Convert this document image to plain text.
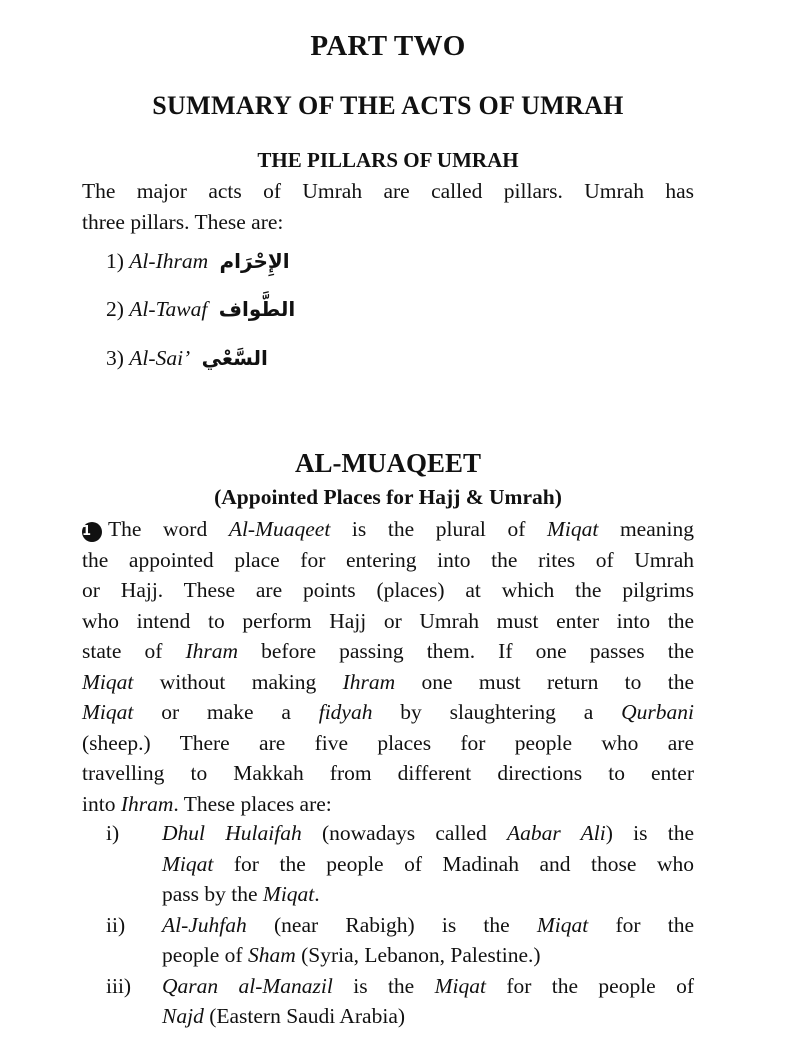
PART TWO
SUMMARY OF THE ACTS OF UMRAH
THE PILLARS OF UMRAH
The major acts of Umrah are called pillars. Umrah has
three pillars. These are:
1) Al-Ihram الإِحْرَام
2) Al-Tawaf الطَّواف
3) Al-Sai’ السَّعْي
AL-MUAQEET
(Appointed Places for Hajj & Umrah)
1 The word Al-Muaqeet is the plural of Miqat meaning
the appointed place for entering into the rites of Umrah
or Hajj. These are points (places) at which the pilgrims
who intend to perform Hajj or Umrah must enter into the
state of Ihram before passing them. If one passes the
Miqat without making Ihram one must return to the
Miqat or make a fidyah by slaughtering a Qurbani
(sheep.) There are five places for people who are
travelling to Makkah from different directions to enter
into Ihram. These places are:
i) Dhul Hulaifah (nowadays called Aabar Ali) is the
Miqat for the people of Madinah and those who
pass by the Miqat.
ii) Al-Juhfah (near Rabigh) is the Miqat for the
people of Sham (Syria, Lebanon, Palestine.)
iii) Qaran al-Manazil is the Miqat for the people of
Najd (Eastern Saudi Arabia)
